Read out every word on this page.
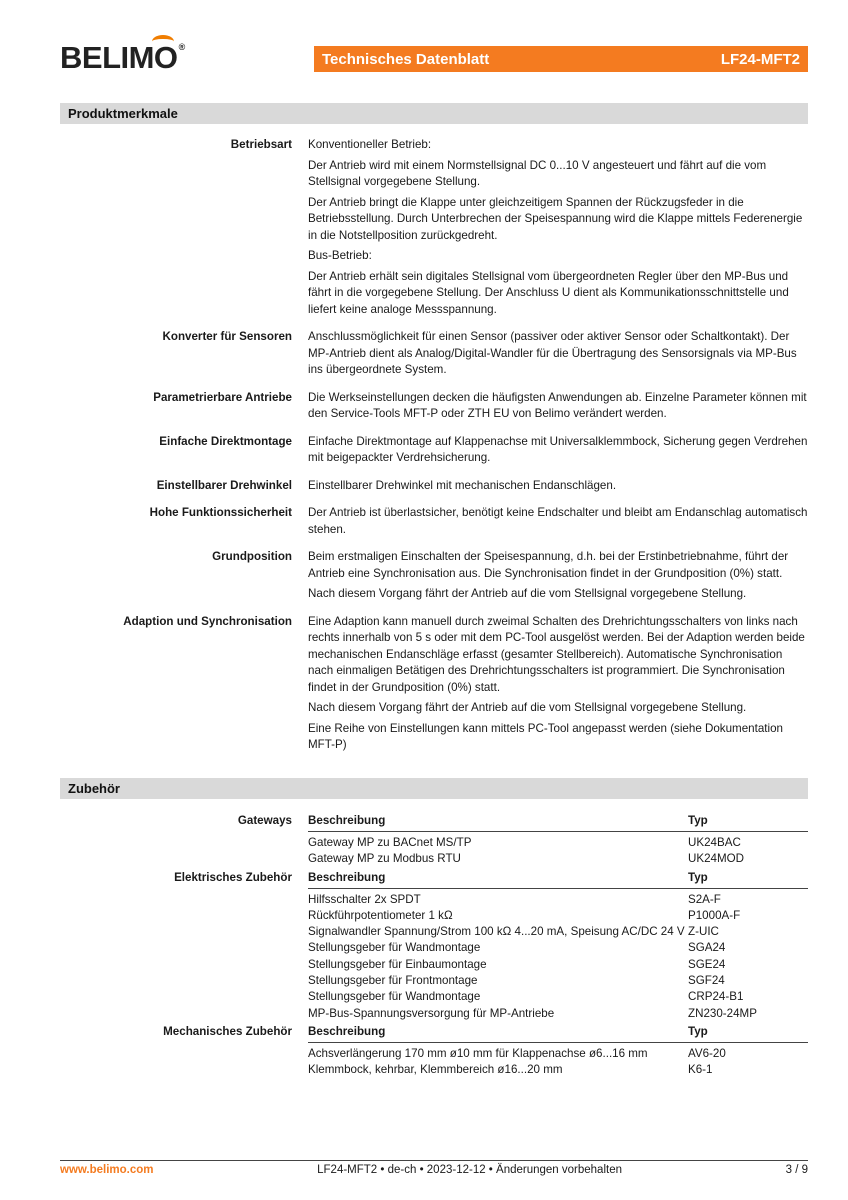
BELIMO®
Technisches Datenblatt	LF24-MFT2
Produktmerkmale
Betriebsart	Konventioneller Betrieb:

Der Antrieb wird mit einem Normstellsignal DC 0...10 V angesteuert und fährt auf die vom Stellsignal vorgegebene Stellung.

Der Antrieb bringt die Klappe unter gleichzeitigem Spannen der Rückzugsfeder in die Betriebsstellung. Durch Unterbrechen der Speisespannung wird die Klappe mittels Federenergie in die Notstellposition zurückgedreht.

Bus-Betrieb:

Der Antrieb erhält sein digitales Stellsignal vom übergeordneten Regler über den MP-Bus und fährt in die vorgegebene Stellung. Der Anschluss U dient als Kommunikationsschnittstelle und liefert keine analoge Messspannung.

Konverter für Sensoren	Anschlussmöglichkeit für einen Sensor (passiver oder aktiver Sensor oder Schaltkontakt). Der MP-Antrieb dient als Analog/Digital-Wandler für die Übertragung des Sensorsignals via MP-Bus ins übergeordnete System.

Parametrierbare Antriebe	Die Werkseinstellungen decken die häufigsten Anwendungen ab. Einzelne Parameter können mit den Service-Tools MFT-P oder ZTH EU von Belimo verändert werden.

Einfache Direktmontage	Einfache Direktmontage auf Klappenachse mit Universalklemmbock, Sicherung gegen Verdrehen mit beigepackter Verdrehsicherung.

Einstellbarer Drehwinkel	Einstellbarer Drehwinkel mit mechanischen Endanschlägen.

Hohe Funktionssicherheit	Der Antrieb ist überlastsicher, benötigt keine Endschalter und bleibt am Endanschlag automatisch stehen.

Grundposition	Beim erstmaligen Einschalten der Speisespannung, d.h. bei der Erstinbetriebnahme, führt der Antrieb eine Synchronisation aus. Die Synchronisation findet in der Grundposition (0%) statt.

Nach diesem Vorgang fährt der Antrieb auf die vom Stellsignal vorgegebene Stellung.

Adaption und Synchronisation	Eine Adaption kann manuell durch zweimal Schalten des Drehrichtungsschalters von links nach rechts innerhalb von 5 s oder mit dem PC-Tool ausgelöst werden. Bei der Adaption werden beide mechanischen Endanschläge erfasst (gesamter Stellbereich). Automatische Synchronisation nach einmaligen Betätigen des Drehrichtungsschalters ist programmiert. Die Synchronisation findet in der Grundposition (0%) statt.

Nach diesem Vorgang fährt der Antrieb auf die vom Stellsignal vorgegebene Stellung.

Eine Reihe von Einstellungen kann mittels PC-Tool angepasst werden (siehe Dokumentation MFT-P)

Zubehör
Gateways	Beschreibung	Typ
Gateway MP zu BACnet MS/TP	UK24BAC
Gateway MP zu Modbus RTU	UK24MOD
Elektrisches Zubehör	Beschreibung	Typ
Hilfsschalter 2x SPDT	S2A-F
Rückführpotentiometer 1 kΩ	P1000A-F
Signalwandler Spannung/Strom 100 kΩ 4...20 mA, Speisung AC/DC 24 V Z-UIC
Stellungsgeber für Wandmontage	SGA24
Stellungsgeber für Einbaumontage	SGE24
Stellungsgeber für Frontmontage	SGF24
Stellungsgeber für Wandmontage	CRP24-B1
MP-Bus-Spannungsversorgung für MP-Antriebe	ZN230-24MP
Mechanisches Zubehör	Beschreibung	Typ
Achsverlängerung 170 mm ø10 mm für Klappenachse ø6...16 mm	AV6-20
Klemmbock, kehrbar, Klemmbereich ø16...20 mm	K6-1
www.belimo.com	LF24-MFT2 • de-ch • 2023-12-12 • Änderungen vorbehalten	3 / 9
